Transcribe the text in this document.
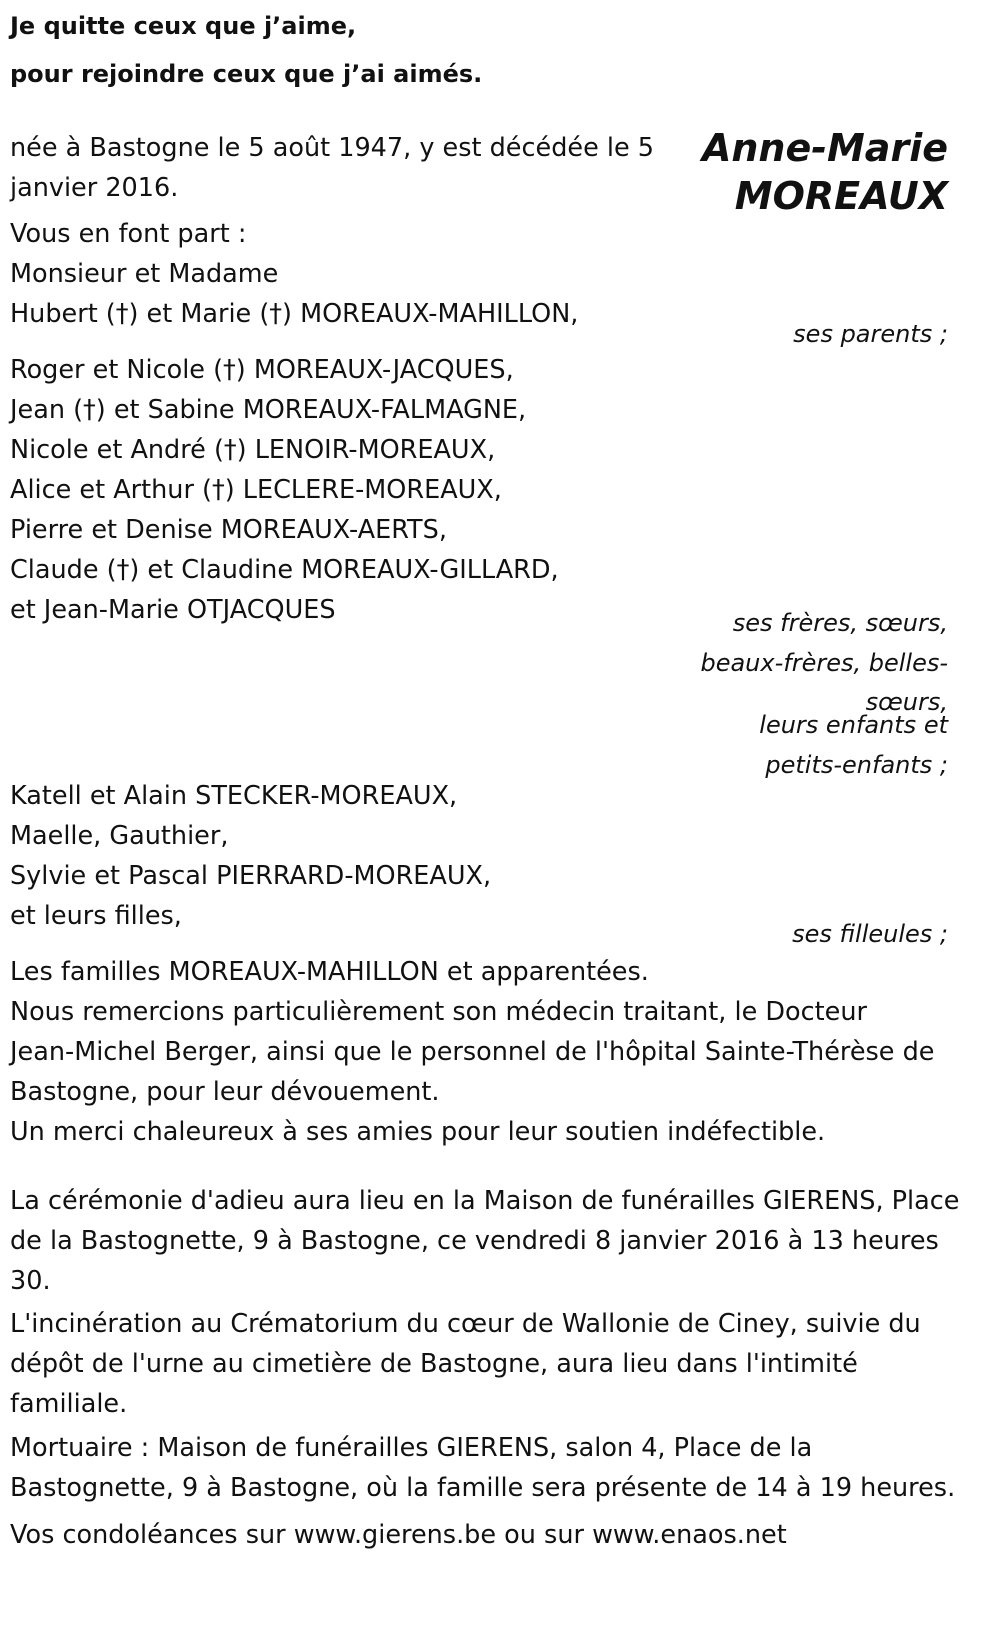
Je quitte ceux que j’aime,
pour rejoindre ceux que j’ai aimés.
Anne-Marie
MOREAUX
née à Bastogne le 5 août 1947, y est décédée le 5
janvier 2016.
Vous en font part :
Monsieur et Madame
Hubert (†) et Marie (†) MOREAUX-MAHILLON,
ses parents ;
Roger et Nicole (†) MOREAUX-JACQUES,
Jean (†) et Sabine MOREAUX-FALMAGNE,
Nicole et André (†) LENOIR-MOREAUX,
Alice et Arthur (†) LECLERE-MOREAUX,
Pierre et Denise MOREAUX-AERTS,
Claude (†) et Claudine MOREAUX-GILLARD,
et Jean-Marie OTJACQUES	ses frères, sœurs,
beaux-frères, belles-
sœurs,
leurs enfants et
petits-enfants ;
Katell et Alain STECKER-MOREAUX,
Maelle, Gauthier,
Sylvie et Pascal PIERRARD-MOREAUX,
et leurs filles,
ses filleules ;
Les familles MOREAUX-MAHILLON et apparentées.
Nous remercions particulièrement son médecin traitant, le Docteur
Jean-Michel Berger, ainsi que le personnel de l'hôpital Sainte-Thérèse de
Bastogne, pour leur dévouement.
Un merci chaleureux à ses amies pour leur soutien indéfectible.
La cérémonie d'adieu aura lieu en la Maison de funérailles GIERENS, Place
de la Bastognette, 9 à Bastogne, ce vendredi 8 janvier 2016 à 13 heures
30.
L'incinération au Crématorium du cœur de Wallonie de Ciney, suivie du
dépôt de l'urne au cimetière de Bastogne, aura lieu dans l'intimité
familiale.
Mortuaire : Maison de funérailles GIERENS, salon 4, Place de la
Bastognette, 9 à Bastogne, où la famille sera présente de 14 à 19 heures.
Vos condoléances sur www.gierens.be ou sur www.enaos.net
